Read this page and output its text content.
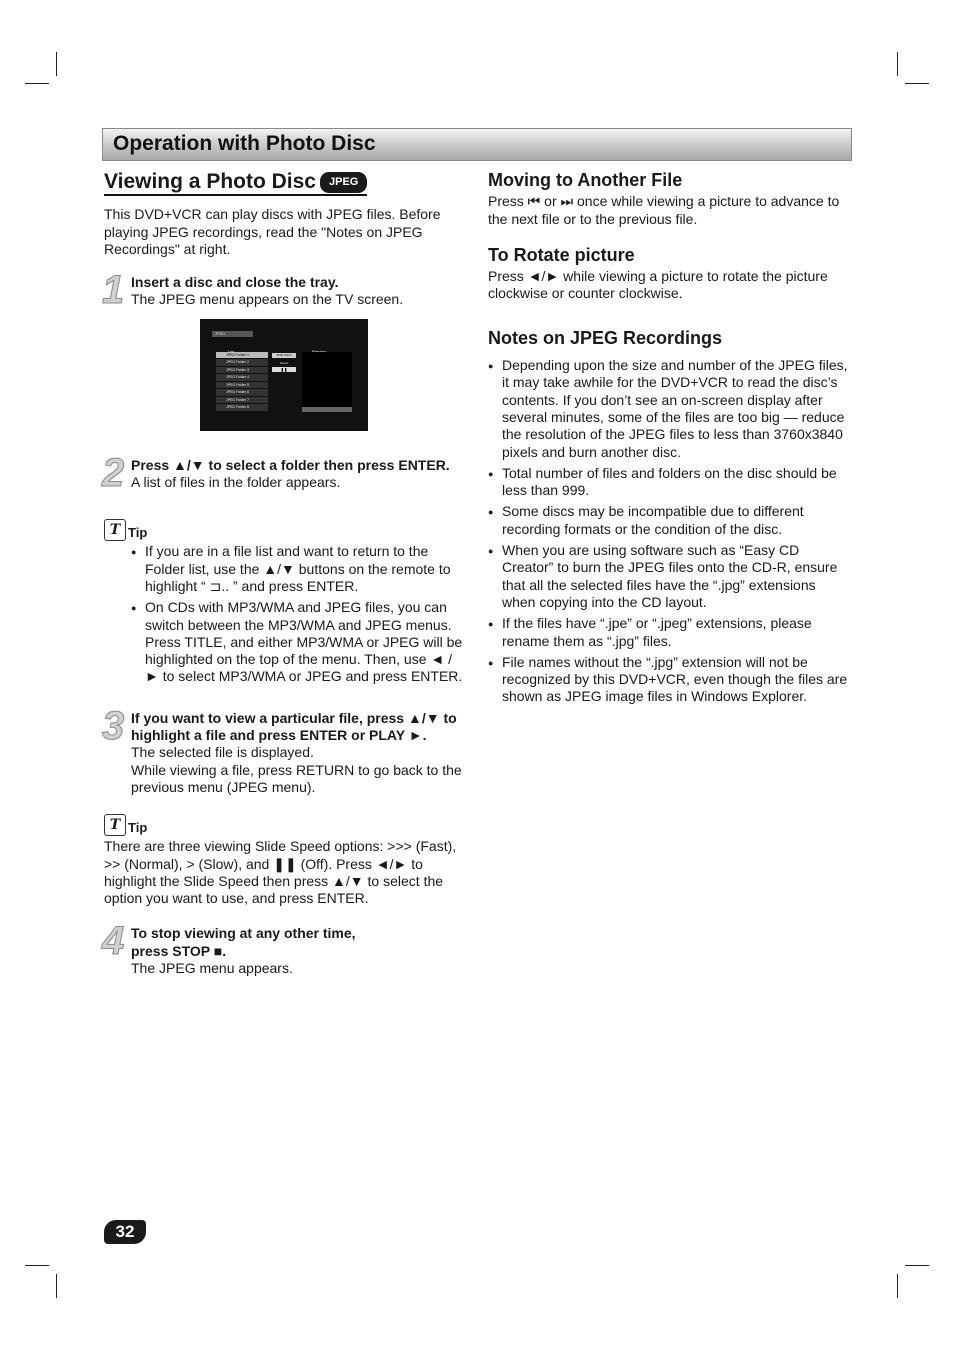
Operation with Photo Disc
Viewing a Photo Disc JPEG

This DVD+VCR can play discs with JPEG files. Before playing JPEG recordings, read the "Notes on JPEG Recordings" at right.

1 Insert a disc and close the tray.

The JPEG menu appears on the TV screen.

JPEG
JPEG Folder 1
JPEG Folder 2
JPEG Folder 3
JPEG Folder 4
JPEG Folder 5
JPEG Folder 6
JPEG Folder 7
JPEG Folder 8
Slide Show
Speed
❚❚
2 Press ▲/▼ to select a folder then press ENTER.

A list of files in the folder appears.

T Tip
● If you are in a file list and want to return to the Folder list, use the ▲/▼ buttons on the remote to highlight “ ⊐.. ” and press ENTER.
● On CDs with MP3/WMA and JPEG files, you can switch between the MP3/WMA and JPEG menus. Press TITLE, and either MP3/WMA or JPEG will be highlighted on the top of the menu. Then, use ◄ / ► to select MP3/WMA or JPEG and press ENTER.
3 If you want to view a particular file, press ▲/▼ to highlight a file and press ENTER or PLAY ►.

The selected file is displayed.

While viewing a file, press RETURN to go back to the previous menu (JPEG menu).

T Tip

There are three viewing Slide Speed options: >>> (Fast), >> (Normal), > (Slow), and ❚❚ (Off). Press ◄/► to highlight the Slide Speed then press ▲/▼ to select the option you want to use, and press ENTER.

4 To stop viewing at any other time,

press STOP ■.

The JPEG menu appears.

Moving to Another File

Press ⏮ or ⏭ once while viewing a picture to advance to the next file or to the previous file.

To Rotate picture

Press ◄/► while viewing a picture to rotate the picture clockwise or counter clockwise.

Notes on JPEG Recordings
● Depending upon the size and number of the JPEG files, it may take awhile for the DVD+VCR to read the disc’s contents. If you don’t see an on-screen display after several minutes, some of the files are too big — reduce the resolution of the JPEG files to less than 3760x3840 pixels and burn another disc.
● Total number of files and folders on the disc should be less than 999.
● Some discs may be incompatible due to different recording formats or the condition of the disc.
● When you are using software such as “Easy CD Creator” to burn the JPEG files onto the CD-R, ensure that all the selected files have the “.jpg” extensions when copying into the CD layout.
● If the files have “.jpe” or “.jpeg” extensions, please rename them as “.jpg” files.
● File names without the “.jpg” extension will not be recognized by this DVD+VCR, even though the files are shown as JPEG image files in Windows Explorer.
32
